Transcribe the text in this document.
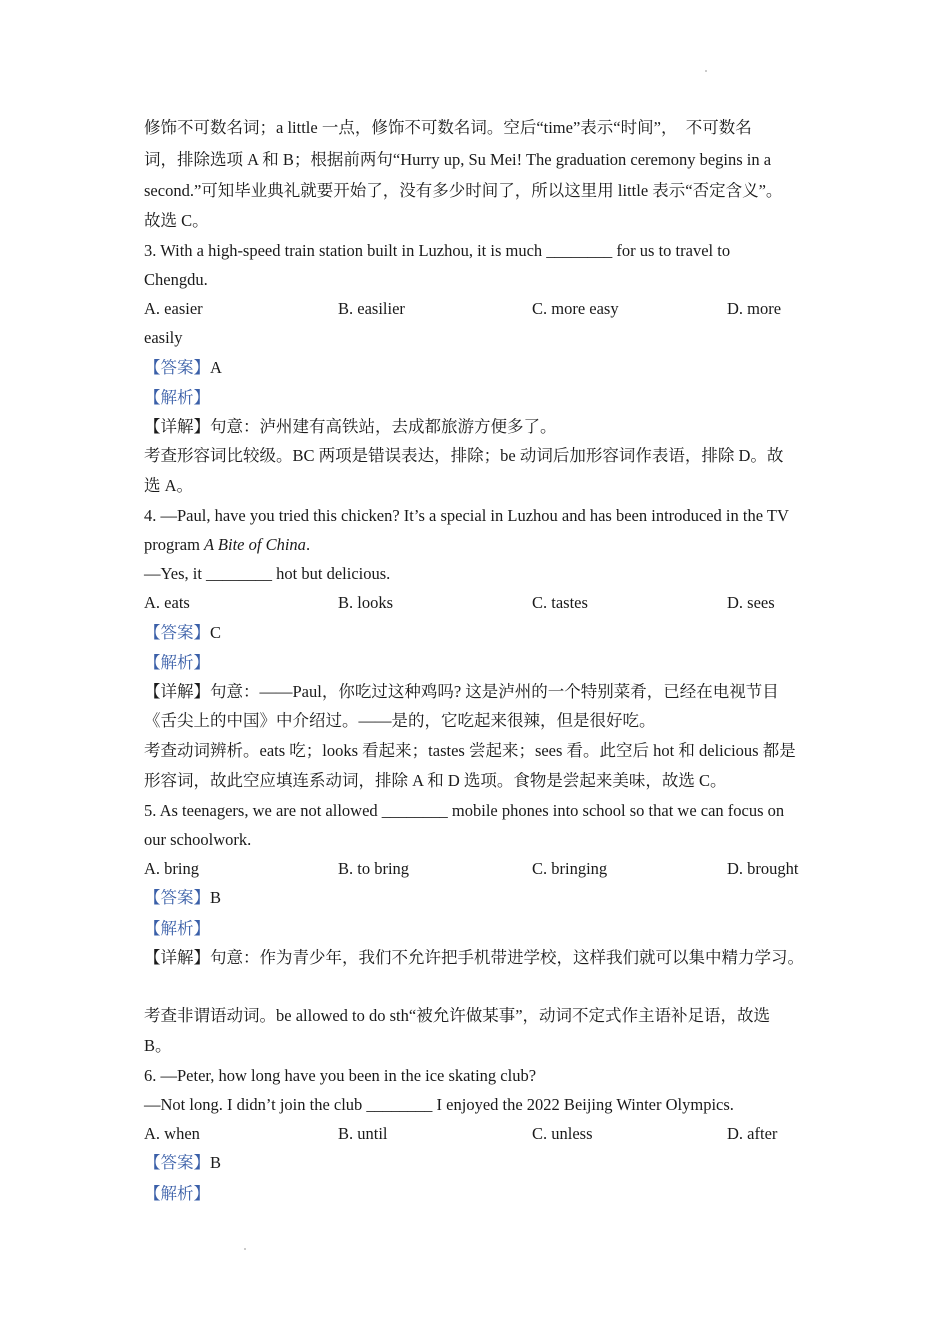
修饰不可数名词；a little 一点，修饰不可数名词。空后“time”表示“时间”，　不可数名
词，排除选项 A 和 B；根据前两句“Hurry up, Su Mei! The graduation ceremony begins in a
second.”可知毕业典礼就要开始了，没有多少时间了，所以这里用 little 表示“否定含义”。
故选 C。
3. With a high-speed train station built in Luzhou, it is much ________ for us to travel to
Chengdu.
A. easier	B. easilier	C. more easy	D. more
easily
【答案】A
【解析】
【详解】句意：泸州建有高铁站，去成都旅游方便多了。
考查形容词比较级。BC 两项是错误表达，排除；be 动词后加形容词作表语，排除 D。故
选 A。
4. —Paul, have you tried this chicken? It’s a special in Luzhou and has been introduced in the TV
program A Bite of China.
—Yes, it ________ hot but delicious.
A. eats	B. looks	C. tastes	D. sees
【答案】C
【解析】
【详解】句意：——Paul，你吃过这种鸡吗? 这是泸州的一个特别菜肴，已经在电视节目
《舌尖上的中国》中介绍过。——是的，它吃起来很辣，但是很好吃。
考查动词辨析。eats 吃；looks 看起来；tastes 尝起来；sees 看。此空后 hot 和 delicious 都是
形容词，故此空应填连系动词，排除 A 和 D 选项。食物是尝起来美味，故选 C。
5. As teenagers, we are not allowed ________ mobile phones into school so that we can focus on
our schoolwork.
A. bring	B. to bring	C. bringing	D. brought
【答案】B
【解析】
【详解】句意：作为青少年，我们不允许把手机带进学校，这样我们就可以集中精力学习。
考查非谓语动词。be allowed to do sth“被允许做某事”，动词不定式作主语补足语，故选
B。
6. —Peter, how long have you been in the ice skating club?
—Not long. I didn’t join the club ________ I enjoyed the 2022 Beijing Winter Olympics.
A. when	B. until	C. unless	D. after
【答案】B
【解析】
